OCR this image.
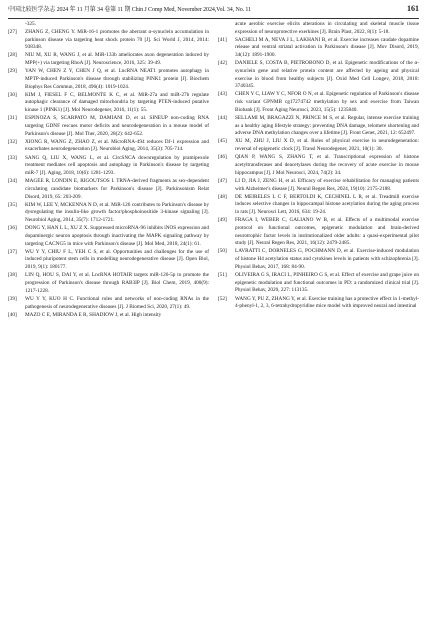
中国比较医学杂志 2024 年 11 月第 34 卷第 11 期 Chin J Comp Med, November 2024,Vol. 34, No. 11	161
-325.
[27]	ZHANG Z, CHENG Y. MiR-16-1 promotes the aberrant α-synuclein accumulation in parkinson disease via targeting heat shock protein 70 [J]. Sci World J, 2014, 2014: 938348.
[28]	NIU M, XU R, WANG J, et al. MiR-133b ameliorates axon degeneration induced by MPP(+) via targeting RhoA [J]. Neuroscience, 2016, 325: 39-49.
[29]	YAN W, CHEN Z Y, CHEN J Q, et al. LncRNA NEAT1 promotes autophagy in MPTP-induced Parkinson's disease through stabilizing PINK1 protein [J]. Biochem Biophys Res Commun, 2018, 496(4): 1019-1024.
[30]	KIM J, FIESEL F C, BELMONTE K C, et al. MiR-27a and miR-27b regulate autophagic clearance of damaged mitochondria by targeting PTEN-induced putative kinase 1 (PINK1) [J]. Mol Neurodegener, 2016, 11(1): 55.
[31]	ESPINOZA S, SCARPATO M, DAMIANI D, et al. SINEUP non-coding RNA targeting GDNF rescues motor deficits and neurodegeneration in a mouse model of Parkinson's disease [J]. Mol Ther, 2020, 28(2): 642-652.
[32]	XIONG R, WANG Z, ZHAO Z, et al. MicroRNA-494 reduces DJ-1 expression and exacerbates neurodegeneration [J]. Neurobiol Aging, 2014, 35(3): 705-714.
[33]	SANG Q, LIU X, WANG L, et al. CircSNCA downregulation by pramipexole treatment mediates cell apoptosis and autophagy in Parkinson's disease by targeting miR-7 [J]. Aging, 2018, 10(6): 1281-1293.
[34]	MAGEE R, LONDIN E, RIGOUTSOS I. TRNA-derived fragments as sex-dependent circulating candidate biomarkers for Parkinson's disease [J]. Parkinsonism Relat Disord, 2019, 65: 203-209.
[35]	KIM W, LEE Y, MCKENNA N D, et al. MiR-126 contributes to Parkinson's disease by dysregulating the insulin-like growth factor/phosphoinositide 3-kinase signaling [J]. Neurobiol Aging, 2014, 35(7): 1712-1721.
[36]	DONG Y, HAN L L, XU Z X. Suppressed microRNA-96 inhibits iNOS expression and dopaminergic neuron apoptosis through inactivating the MAPK signaling pathway by targeting CACNG5 in mice with Parkinson's disease [J]. Mol Med, 2018, 24(1): 61.
[37]	WU Y Y, CHIU F L, YEH C S, et al. Opportunities and challenges for the use of induced pluripotent stem cells in modelling neurodegenerative disease [J]. Open Biol, 2019, 9(1): 180177.
[38]	LIN Q, HOU S, DAI Y, et al. LncRNA HOTAIR targets miR-126-5p to promote the progression of Parkinson's disease through RAB3IP [J]. Biol Chem, 2019, 400(9): 1217-1228.
[39]	WU Y Y, KUO H C. Functional roles and networks of non-coding RNAs in the pathogenesis of neurodegenerative diseases [J]. J Biomed Sci, 2020, 27(1): 49.
[40]	MAZO C E, MIRANDA E R, SHADIOW J, et al. High intensity
acute aerobic exercise elicits alterations in circulating and skeletal muscle tissue expression of neuroprotective exerkines [J]. Brain Plast, 2022, 8(1): 5-18.
[41]	SACHELI M A, NEVA J L, LAKHANI B, et al. Exercise increases caudate dopamine release and ventral striatal activation in Parkinson's disease [J]. Mov Disord, 2019, 34(12): 1891-1900.
[42]	DANIELE S, COSTA B, PIETROBONO D, et al. Epigenetic modifications of the α-synuclein gene and relative protein content are affected by ageing and physical exercise in blood from healthy subjects [J]. Oxid Med Cell Longev, 2018, 2018: 3740345.
[43]	CHEN Y C, LIAW Y C, NFOR O N, et al. Epigenetic regulation of Parkinson's disease risk variant GPNMB cg17274742 methylation by sex and exercise from Taiwan Biobank [J]. Front Aging Neurosci, 2023, 15(5): 1235840.
[44]	SELLAMI M, BRAGAZZI N, PRINCE M S, et al. Regular, intense exercise training as a healthy aging lifestyle strategy: preventing DNA damage, telomere shortening and adverse DNA methylation changes over a lifetime [J]. Front Genet, 2021, 12: 652497.
[45]	XU M, ZHU J, LIU X D, et al. Roles of physical exercise in neurodegeneration: reversal of epigenetic clock [J]. Transl Neurodegener, 2021, 10(1): 30.
[46]	QIAN P, WANG S, ZHANG T, et al. Transcriptional expression of histone acetyltransferases and deacetylases during the recovery of acute exercise in mouse hippocampus [J]. J Mol Neurosci, 2024, 74(2): 34.
[47]	LI D, JIA J, ZENG H, et al. Efficacy of exercise rehabilitation for managing patients with Alzheimer's disease [J]. Neural Regen Res, 2024, 19(10): 2175-2188.
[48]	DE MEIRELES L C F, BERTOLDI K, CECHINEL L R, et al. Treadmill exercise induces selective changes in hippocampal histone acetylation during the aging process in rats [J]. Neurosci Lett, 2016, 634: 19-24.
[49]	FRAGA I, WEBER C, GALIANO W B, et al. Effects of a multimodal exercise protocol on functional outcomes, epigenetic modulation and brain-derived neurotrophic factor levels in institutionalized older adults: a quasi-experimental pilot study [J]. Neural Regen Res, 2021, 16(12): 2479-2485.
[50]	LAVRATTI C, DORNELES G, POCHMANN D, et al. Exercise-induced modulation of histone H4 acetylation status and cytokines levels in patients with schizophrenia [J]. Physiol Behav, 2017, 168: 84-90.
[51]	OLIVEIRA G S, IRACI L, PINHEIRO G S, et al. Effect of exercise and grape juice on epigenetic modulation and functional outcomes in PD: a randomized clinical trial [J]. Physiol Behav, 2020, 227: 113135.
[52]	WANG Y, PU Z, ZHANG Y, et al. Exercise training has a protective effect in 1-methyl-4-phenyl-1, 2, 3, 6-tetrahydropyridine mice model with improved neural and intestinal
